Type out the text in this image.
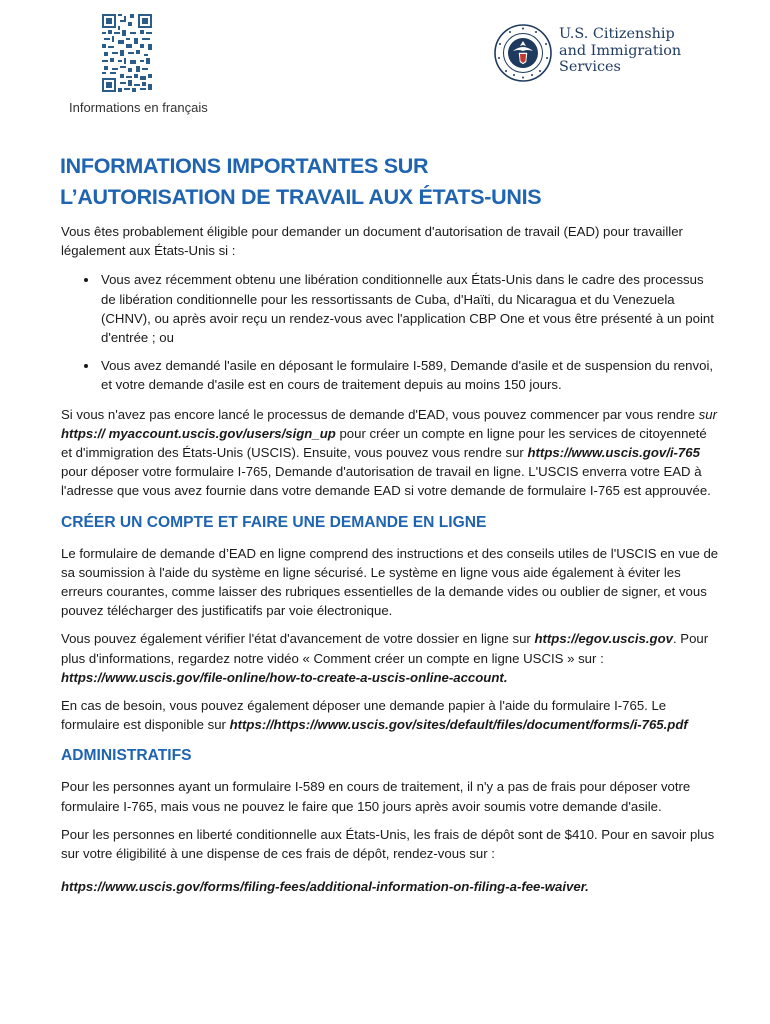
Informations en français
U.S. Citizenship
and Immigration
Services
INFORMATIONS IMPORTANTES SUR
L’AUTORISATION DE TRAVAIL AUX ÉTATS-UNIS

Vous êtes probablement éligible pour demander un document d'autorisation de travail (EAD) pour travailler légalement aux États-Unis si :

• Vous avez récemment obtenu une libération conditionnelle aux États-Unis dans le cadre des processus de libération conditionnelle pour les ressortissants de Cuba, d'Haïti, du Nicaragua et du Venezuela (CHNV), ou après avoir reçu un rendez-vous avec l'application CBP One et vous être présenté à un point d'entrée ; ou
• Vous avez demandé l'asile en déposant le formulaire I-589, Demande d'asile et de suspension du renvoi, et votre demande d'asile est en cours de traitement depuis au moins 150 jours.

Si vous n'avez pas encore lancé le processus de demande d'EAD, vous pouvez commencer par vous rendre sur https:// myaccount.uscis.gov/users/sign_up pour créer un compte en ligne pour les services de citoyenneté et d'immigration des États-Unis (USCIS). Ensuite, vous pouvez vous rendre sur https://www.uscis.gov/i-765 pour déposer votre formulaire I-765, Demande d'autorisation de travail en ligne. L'USCIS enverra votre EAD à l'adresse que vous avez fournie dans votre demande EAD si votre demande de formulaire I-765 est approuvée.

CRÉER UN COMPTE ET FAIRE UNE DEMANDE EN LIGNE

Le formulaire de demande d’EAD en ligne comprend des instructions et des conseils utiles de l'USCIS en vue de sa soumission à l'aide du système en ligne sécurisé. Le système en ligne vous aide également à éviter les erreurs courantes, comme laisser des rubriques essentielles de la demande vides ou oublier de signer, et vous pouvez télécharger des justificatifs par voie électronique.

Vous pouvez également vérifier l'état d'avancement de votre dossier en ligne sur https://egov.uscis.gov. Pour plus d'informations, regardez notre vidéo « Comment créer un compte en ligne USCIS » sur : https://www.uscis.gov/file-online/how-to-create-a-uscis-online-account.

En cas de besoin, vous pouvez également déposer une demande papier à l'aide du formulaire I-765. Le formulaire est disponible sur https://https://www.uscis.gov/sites/default/files/document/forms/i-765.pdf

ADMINISTRATIFS

Pour les personnes ayant un formulaire I-589 en cours de traitement, il n'y a pas de frais pour déposer votre formulaire I-765, mais vous ne pouvez le faire que 150 jours après avoir soumis votre demande d'asile.

Pour les personnes en liberté conditionnelle aux États-Unis, les frais de dépôt sont de $410. Pour en savoir plus sur votre éligibilité à une dispense de ces frais de dépôt, rendez-vous sur :

https://www.uscis.gov/forms/filing-fees/additional-information-on-filing-a-fee-waiver.
